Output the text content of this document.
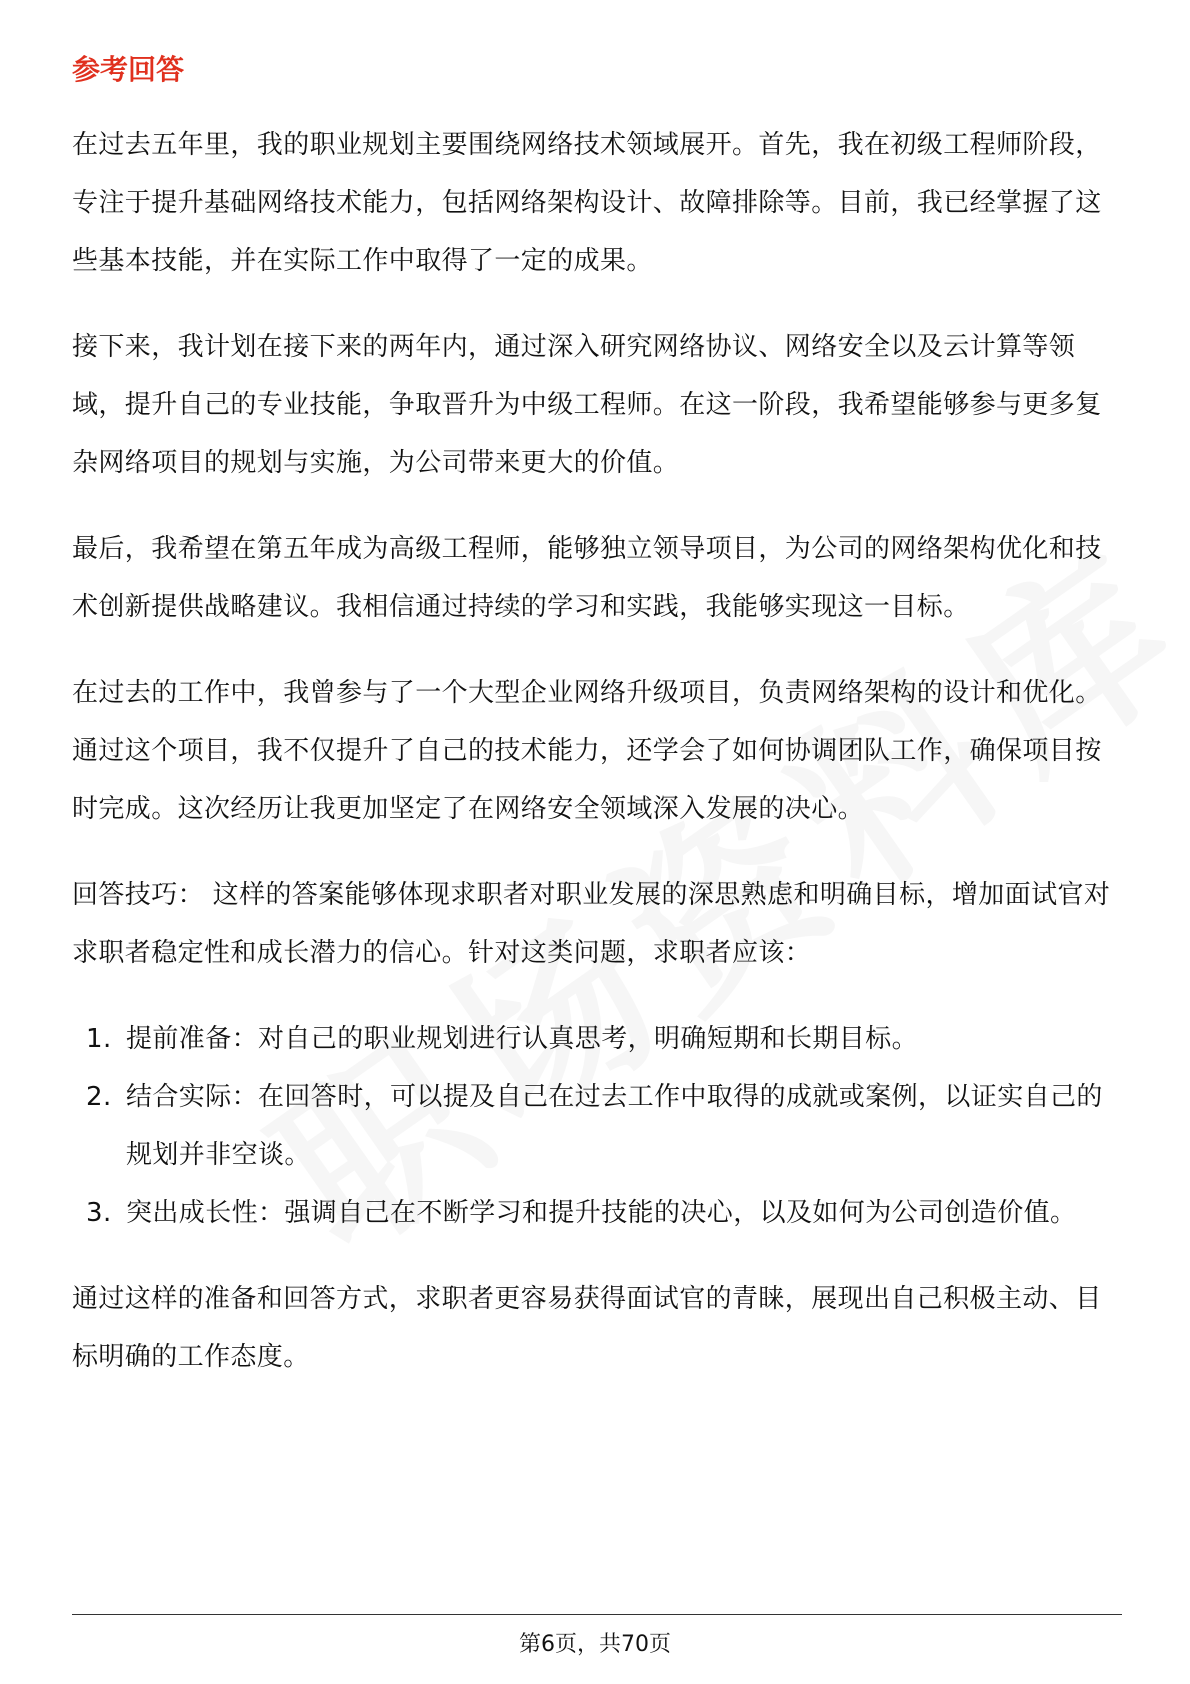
参考回答

在过去五年里，我的职业规划主要围绕网络技术领域展开。首先，我在初级工程师阶段，专注于提升基础网络技术能力，包括网络架构设计、故障排除等。目前，我已经掌握了这些基本技能，并在实际工作中取得了一定的成果。

接下来，我计划在接下来的两年内，通过深入研究网络协议、网络安全以及云计算等领域，提升自己的专业技能，争取晋升为中级工程师。在这一阶段，我希望能够参与更多复杂网络项目的规划与实施，为公司带来更大的价值。

最后，我希望在第五年成为高级工程师，能够独立领导项目，为公司的网络架构优化和技术创新提供战略建议。我相信通过持续的学习和实践，我能够实现这一目标。

在过去的工作中，我曾参与了一个大型企业网络升级项目，负责网络架构的设计和优化。通过这个项目，我不仅提升了自己的技术能力，还学会了如何协调团队工作，确保项目按时完成。这次经历让我更加坚定了在网络安全领域深入发展的决心。

回答技巧： 这样的答案能够体现求职者对职业发展的深思熟虑和明确目标，增加面试官对求职者稳定性和成长潜力的信心。针对这类问题，求职者应该：

1. 提前准备：对自己的职业规划进行认真思考，明确短期和长期目标。
2. 结合实际：在回答时，可以提及自己在过去工作中取得的成就或案例，以证实自己的规划并非空谈。
3. 突出成长性：强调自己在不断学习和提升技能的决心，以及如何为公司创造价值。

通过这样的准备和回答方式，求职者更容易获得面试官的青睐，展现出自己积极主动、目标明确的工作态度。

第6页，共70页
